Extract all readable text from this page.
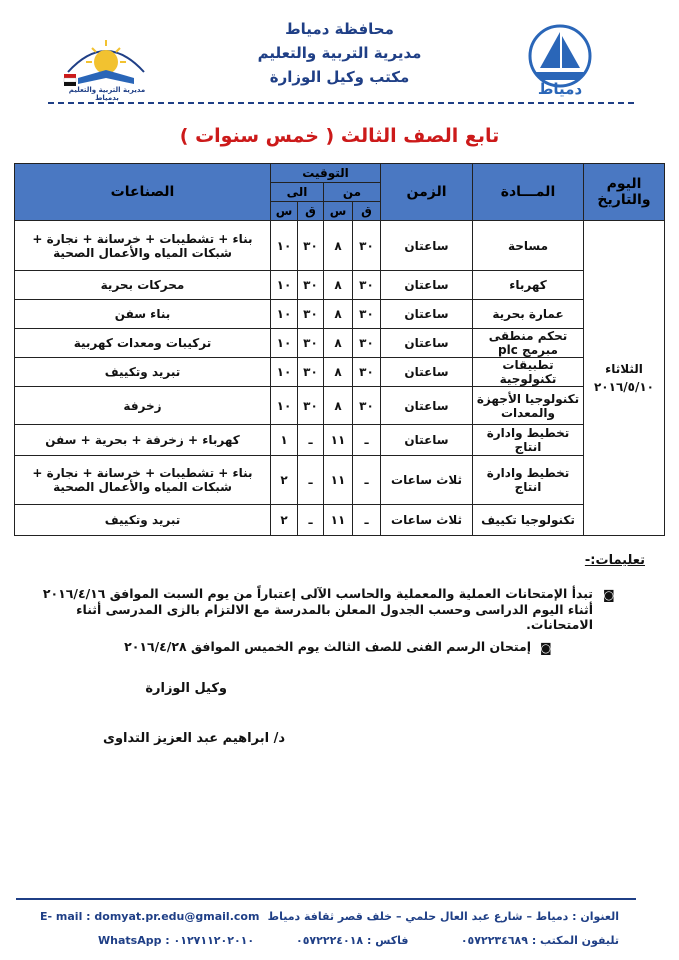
مديرية التربية والتعليم بدمياط
محافظة دمياط
مديرية التربية والتعليم
مكتب وكيل الوزارة
دمياط
تابع الصف الثالث ( خمس سنوات )
اليوم والتاريخ	المـــادة	الزمن	التوقيت				الصناعات
			من		الى		
			ق	س	ق	س	
الثلاثاء ٢٠١٦/٥/١٠	مساحة	ساعتان	٣٠	٨	٣٠	١٠	بناء + تشطيبات + خرسانة + نجارة + شبكات المياه والأعمال الصحية
	كهرباء	ساعتان	٣٠	٨	٣٠	١٠	محركات بحرية
	عمارة بحرية	ساعتان	٣٠	٨	٣٠	١٠	بناء سفن
	تحكم منطقى مبرمج plc	ساعتان	٣٠	٨	٣٠	١٠	تركيبات ومعدات كهربية
	تطبيقات تكنولوجية	ساعتان	٣٠	٨	٣٠	١٠	تبريد وتكييف
	تكنولوجيا الأجهزة والمعدات	ساعتان	٣٠	٨	٣٠	١٠	زخرفة
	تخطيط وادارة انتاج	ساعتان	ـ	١١	ـ	١	كهرباء + زخرفة + بحرية + سفن
	تخطيط وادارة انتاج	ثلاث ساعات	ـ	١١	ـ	٢	بناء + تشطيبات + خرسانة + نجارة + شبكات المياه والأعمال الصحية
	تكنولوجيا تكييف	ثلاث ساعات	ـ	١١	ـ	٢	تبريد وتكييف
تعليمات:-
◙
تبدأ الإمتحانات العملية والمعملية والحاسب الآلى إعتباراً من يوم السبت الموافق ٢٠١٦/٤/١٦
أثناء اليوم الدراسى وحسب الجدول المعلن بالمدرسة مع الالتزام بالزى المدرسى أثناء الامتحانات.
◙
إمتحان الرسم الفنى للصف الثالث يوم الخميس الموافق ٢٠١٦/٤/٢٨
وكيل الوزارة
د/ ابراهيم عبد العزيز التداوى
العنوان : دمياط – شارع عبد العال حلمي – خلف قصر ثقافة دمياط
تليفون المكتب : ٠٥٧٢٢٣٤٦٨٩
فاكس : ٠٥٧٢٢٢٤٠١٨
E- mail : domyat.pr.edu@gmail.com
WhatsApp : ٠١٢٧١١٢٠٢٠١٠
